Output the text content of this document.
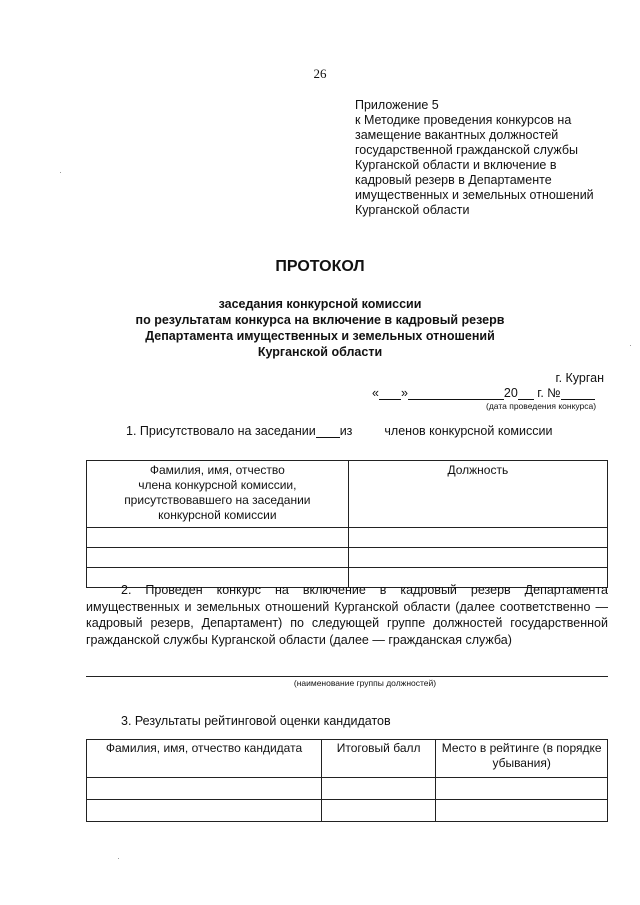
26
Приложение 5
к Методике проведения конкурсов на
замещение вакантных должностей
государственной гражданской службы
Курганской области и включение в
кадровый резерв в Департаменте
имущественных и земельных отношений
Курганской области
ПРОТОКОЛ
заседания конкурсной комиссии
по результатам конкурса на включение в кадровый резерв
Департамента имущественных и земельных отношений
Курганской области
г. Курган
« »	20 г. №
(дата проведения конкурса)
1. Присутствовало на заседании из	членов конкурсной комиссии
Фамилия, имя, отчество
члена конкурсной комиссии,
присутствовавшего на заседании
конкурсной комиссии	Должность

2. Проведен конкурс на включение в кадровый резерв Департамента имущественных и земельных отношений Курганской области (далее соответственно — кадровый резерв, Департамент) по следующей группе должностей государственной гражданской службы Курганской области (далее — гражданская служба)
(наименование группы должностей)
3. Результаты рейтинговой оценки кандидатов
Фамилия, имя, отчество кандидата	Итоговый балл	Место в рейтинге (в порядке
убывания)
